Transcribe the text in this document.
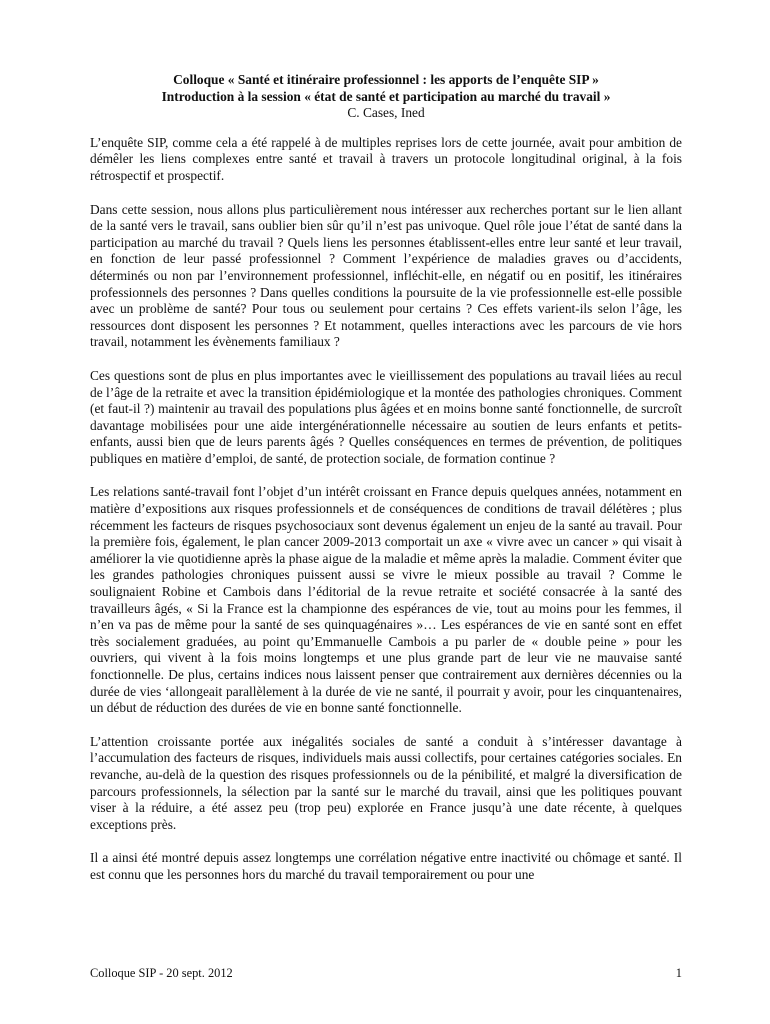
Colloque « Santé et itinéraire professionnel : les apports de l’enquête SIP »
Introduction à la session « état de santé et participation au marché du travail »
C. Cases, Ined

L’enquête SIP, comme cela a été rappelé à de multiples reprises lors de cette journée, avait pour ambition de démêler les liens complexes entre santé et travail à travers un protocole longitudinal original, à la fois rétrospectif et prospectif.

Dans cette session, nous allons plus particulièrement nous intéresser aux recherches portant sur le lien allant de la santé vers le travail, sans oublier bien sûr qu’il n’est pas univoque. Quel rôle joue l’état de santé dans la participation au marché du travail ? Quels liens les personnes établissent-elles entre leur santé et leur travail, en fonction de leur passé professionnel ? Comment l’expérience de maladies graves ou d’accidents, déterminés ou non par l’environnement professionnel, infléchit-elle, en négatif ou en positif, les itinéraires professionnels des personnes ? Dans quelles conditions la poursuite de la vie professionnelle est-elle possible avec un problème de santé? Pour tous ou seulement pour certains ? Ces effets varient-ils selon l’âge, les ressources dont disposent les personnes ? Et notamment, quelles interactions avec les parcours de vie hors travail, notamment les évènements familiaux ?

Ces questions sont de plus en plus importantes avec le vieillissement des populations au travail liées au recul de l’âge de la retraite et avec la transition épidémiologique et la montée des pathologies chroniques. Comment (et faut-il ?) maintenir au travail des populations plus âgées et en moins bonne santé fonctionnelle, de surcroît davantage mobilisées pour une aide intergénérationnelle nécessaire au soutien de leurs enfants et petits-enfants, aussi bien que de leurs parents âgés ? Quelles conséquences en termes de prévention, de politiques publiques en matière d’emploi, de santé, de protection sociale, de formation continue ?

Les relations santé-travail font l’objet d’un intérêt croissant en France depuis quelques années, notamment en matière d’expositions aux risques professionnels et de conséquences de conditions de travail délétères ; plus récemment les facteurs de risques psychosociaux sont devenus également un enjeu de la santé au travail. Pour la première fois, également, le plan cancer 2009-2013 comportait un axe « vivre avec un cancer » qui visait à améliorer la vie quotidienne après la phase aigue de la maladie et même après la maladie. Comment éviter que les grandes pathologies chroniques puissent aussi se vivre le mieux possible au travail ? Comme le soulignaient Robine et Cambois dans l’éditorial de la revue retraite et société consacrée à la santé des travailleurs âgés, « Si la France est la championne des espérances de vie, tout au moins pour les femmes, il n’en va pas de même pour la santé de ses quinquagénaires »… Les espérances de vie en santé sont en effet très socialement graduées, au point qu’Emmanuelle Cambois a pu parler de « double peine » pour les ouvriers, qui vivent à la fois moins longtemps et une plus grande part de leur vie ne mauvaise santé fonctionnelle. De plus, certains indices nous laissent penser que contrairement aux dernières décennies ou la durée de vies ‘allongeait parallèlement à la durée de vie ne santé, il pourrait y avoir, pour les cinquantenaires, un début de réduction des durées de vie en bonne santé fonctionnelle.

L’attention croissante portée aux inégalités sociales de santé a conduit à s’intéresser davantage à l’accumulation des facteurs de risques, individuels mais aussi collectifs, pour certaines catégories sociales. En revanche, au-delà de la question des risques professionnels ou de la pénibilité, et malgré la diversification de parcours professionnels, la sélection par la santé sur le marché du travail, ainsi que les politiques pouvant viser à la réduire, a été assez peu (trop peu) explorée en France jusqu’à une date récente, à quelques exceptions près.

Il a ainsi été montré depuis assez longtemps une corrélation négative entre inactivité ou chômage et santé. Il est connu que les personnes hors du marché du travail temporairement ou pour une

Colloque SIP - 20 sept. 2012	1
